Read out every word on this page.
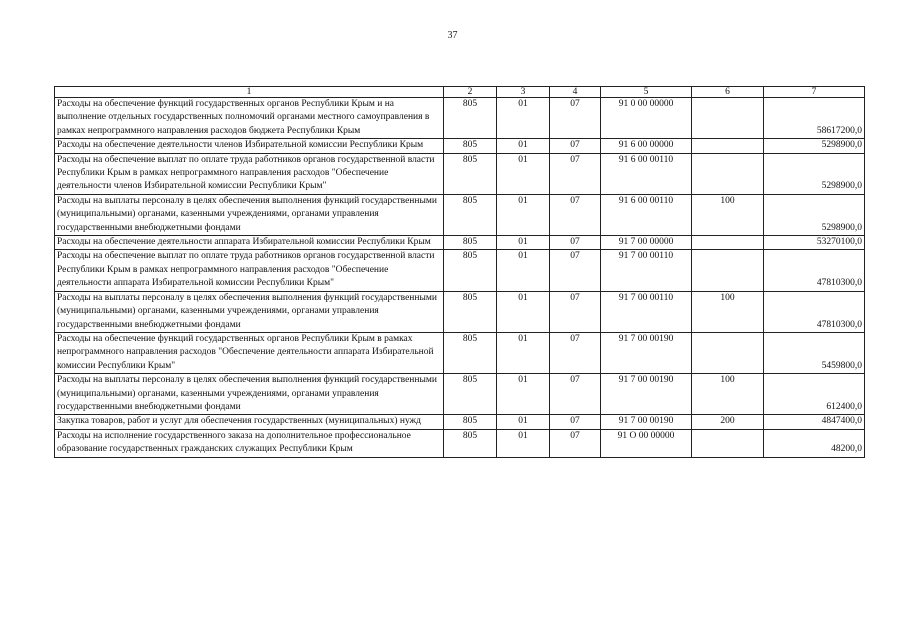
37
1	2	3	4	5	6	7
Расходы на обеспечение функций государственных органов Республики Крым и на выполнение отдельных государственных полномочий органами местного самоуправления в рамках непрограммного направления расходов бюджета Республики Крым	805	01	07	91 0 00 00000		58617200,0
Расходы на обеспечение деятельности членов Избирательной комиссии Республики Крым	805	01	07	91 6 00 00000		5298900,0
Расходы на обеспечение выплат по оплате труда работников органов государственной власти Республики Крым в рамках непрограммного направления расходов "Обеспечение деятельности членов Избирательной комиссии Республики Крым"	805	01	07	91 6 00 00110		5298900,0
Расходы на выплаты персоналу в целях обеспечения выполнения функций государственными (муниципальными) органами, казенными учреждениями, органами управления государственными внебюджетными фондами	805	01	07	91 6 00 00110	100	5298900,0
Расходы на обеспечение деятельности аппарата Избирательной комиссии Республики Крым	805	01	07	91 7 00 00000		53270100,0
Расходы на обеспечение выплат по оплате труда работников органов государственной власти Республики Крым в рамках непрограммного направления расходов "Обеспечение деятельности аппарата Избирательной комиссии Республики Крым"	805	01	07	91 7 00 00110		47810300,0
Расходы на выплаты персоналу в целях обеспечения выполнения функций государственными (муниципальными) органами, казенными учреждениями, органами управления государственными внебюджетными фондами	805	01	07	91 7 00 00110	100	47810300,0
Расходы на обеспечение функций государственных органов Республики Крым в рамках непрограммного направления расходов "Обеспечение деятельности аппарата Избирательной комиссии Республики Крым"	805	01	07	91 7 00 00190		5459800,0
Расходы на выплаты персоналу в целях обеспечения выполнения функций государственными (муниципальными) органами, казенными учреждениями, органами управления государственными внебюджетными фондами	805	01	07	91 7 00 00190	100	612400,0
Закупка товаров, работ и услуг для обеспечения государственных (муниципальных) нужд	805	01	07	91 7 00 00190	200	4847400,0
Расходы на исполнение государственного заказа на дополнительное профессиональное образование государственных гражданских служащих Республики Крым	805	01	07	91 О 00 00000		48200,0
